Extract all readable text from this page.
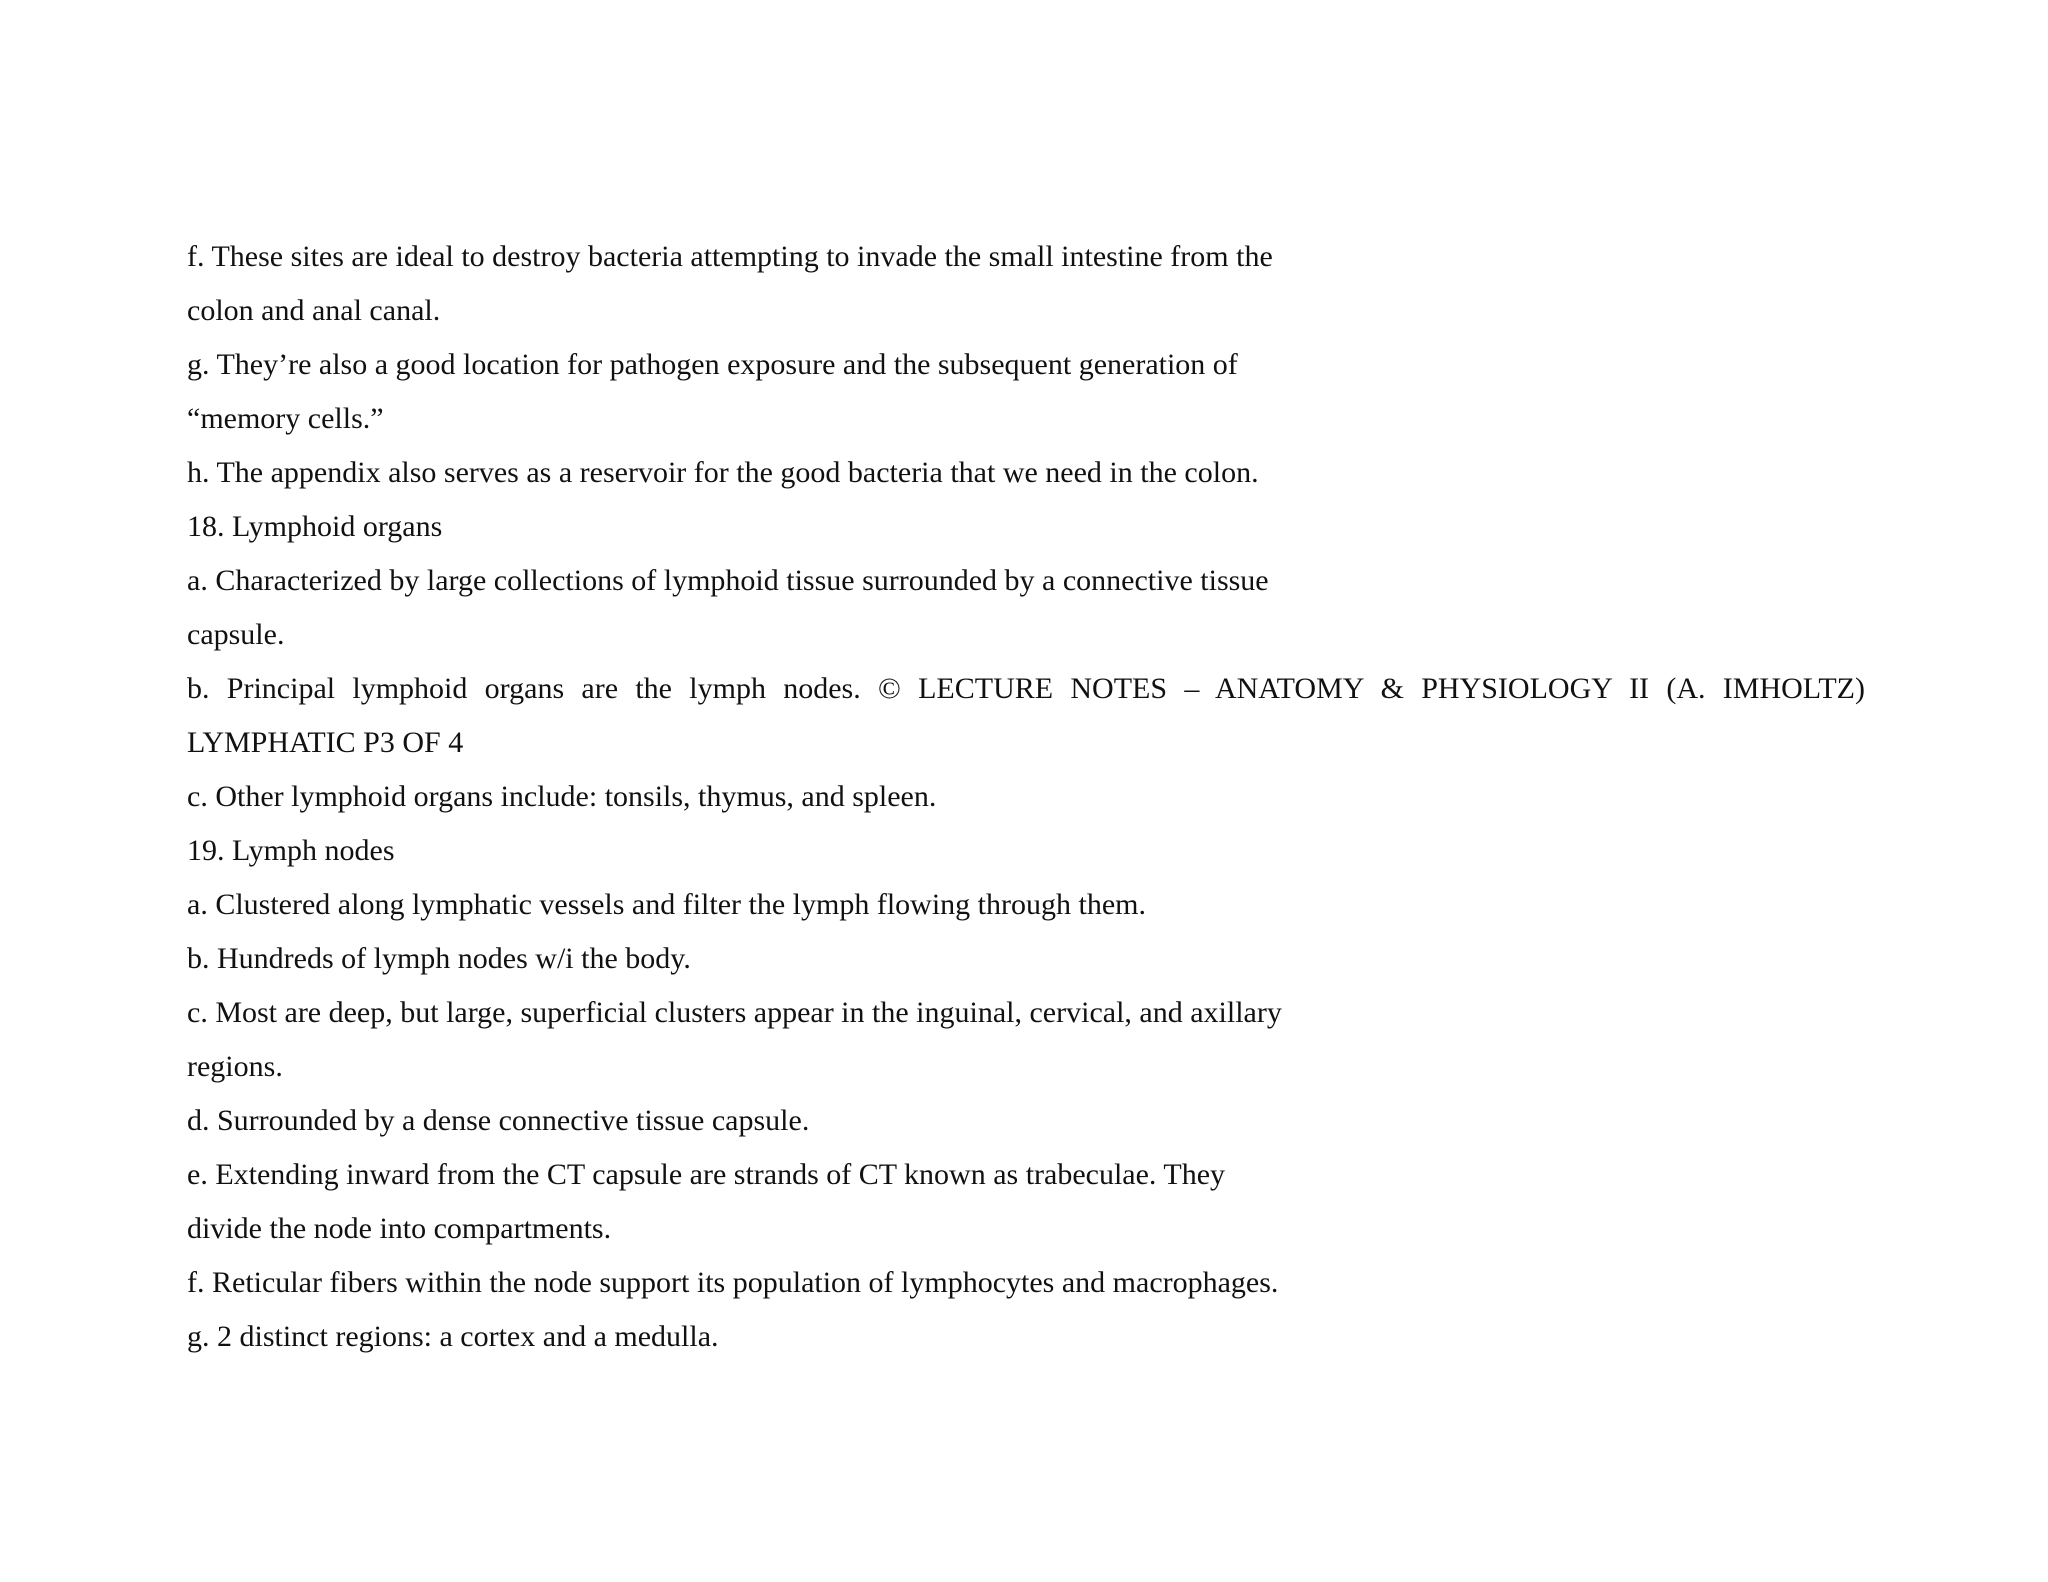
f. These sites are ideal to destroy bacteria attempting to invade the small intestine from the
colon and anal canal.
g. They’re also a good location for pathogen exposure and the subsequent generation of
“memory cells.”
h. The appendix also serves as a reservoir for the good bacteria that we need in the colon.
18. Lymphoid organs
a. Characterized by large collections of lymphoid tissue surrounded by a connective tissue
capsule.
b. Principal lymphoid organs are the lymph nodes. © LECTURE NOTES – ANATOMY & PHYSIOLOGY II (A. IMHOLTZ)
LYMPHATIC P3 OF 4
c. Other lymphoid organs include: tonsils, thymus, and spleen.
19. Lymph nodes
a. Clustered along lymphatic vessels and filter the lymph flowing through them.
b. Hundreds of lymph nodes w/i the body.
c. Most are deep, but large, superficial clusters appear in the inguinal, cervical, and axillary
regions.
d. Surrounded by a dense connective tissue capsule.
e. Extending inward from the CT capsule are strands of CT known as trabeculae. They
divide the node into compartments.
f. Reticular fibers within the node support its population of lymphocytes and macrophages.
g. 2 distinct regions: a cortex and a medulla.
